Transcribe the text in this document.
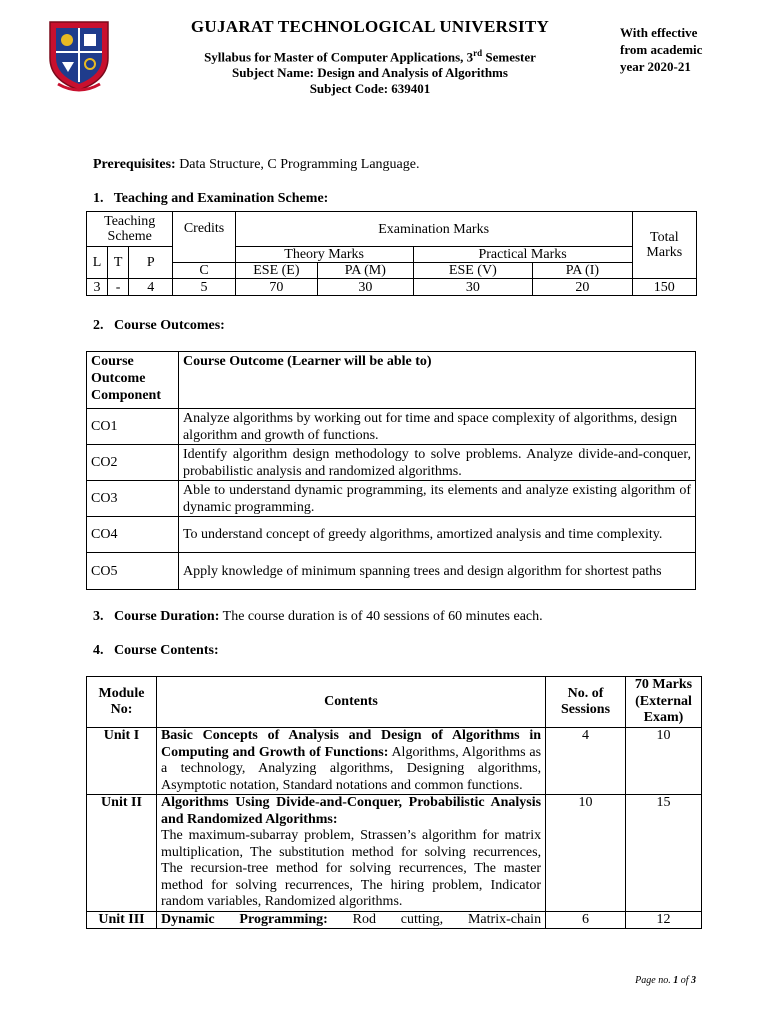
GUJARAT TECHNOLOGICAL UNIVERSITY
Syllabus for Master of Computer Applications, 3rd Semester
Subject Name: Design and Analysis of Algorithms
Subject Code: 639401
With effective
from academic
year 2020-21
Prerequisites: Data Structure, C Programming Language.
1.   Teaching and Examination Scheme:
Teaching Scheme			Credits	Examination Marks				Total Marks
L	T	P		Theory Marks		Practical Marks		
			C	ESE (E)	PA (M)	ESE (V)	PA (I)	
3	-	4	5	70	30	30	20	150
2.   Course Outcomes:
Course Outcome Component	Course Outcome (Learner will be able to)
CO1	Analyze algorithms by working out for time and space complexity of algorithms, design algorithm and growth of functions.
CO2	Identify algorithm design methodology to solve problems. Analyze divide-and-conquer, probabilistic analysis and randomized algorithms.
CO3	Able to understand dynamic programming, its elements and analyze existing algorithm of dynamic programming.
CO4	To understand concept of greedy algorithms, amortized analysis and time complexity.
CO5	Apply knowledge of minimum spanning trees and design algorithm for shortest paths
3.   Course Duration: The course duration is of 40 sessions of 60 minutes each.
4.   Course Contents:
Module No:	Contents	No. of Sessions	70 Marks (External Exam)
Unit I	Basic Concepts of Analysis and Design of Algorithms in Computing and Growth of Functions: Algorithms, Algorithms as a technology, Analyzing algorithms, Designing algorithms, Asymptotic notation, Standard notations and common functions.	4	10
Unit II	Algorithms Using Divide-and-Conquer, Probabilistic Analysis and Randomized Algorithms:
The maximum-subarray problem, Strassen’s algorithm for matrix multiplication, The substitution method for solving recurrences, The recursion-tree method for solving recurrences, The master method for solving recurrences, The hiring problem, Indicator random variables, Randomized algorithms.	10	15
Unit III	Dynamic Programming: Rod cutting, Matrix-chain	6	12
Page no. 1 of 3
